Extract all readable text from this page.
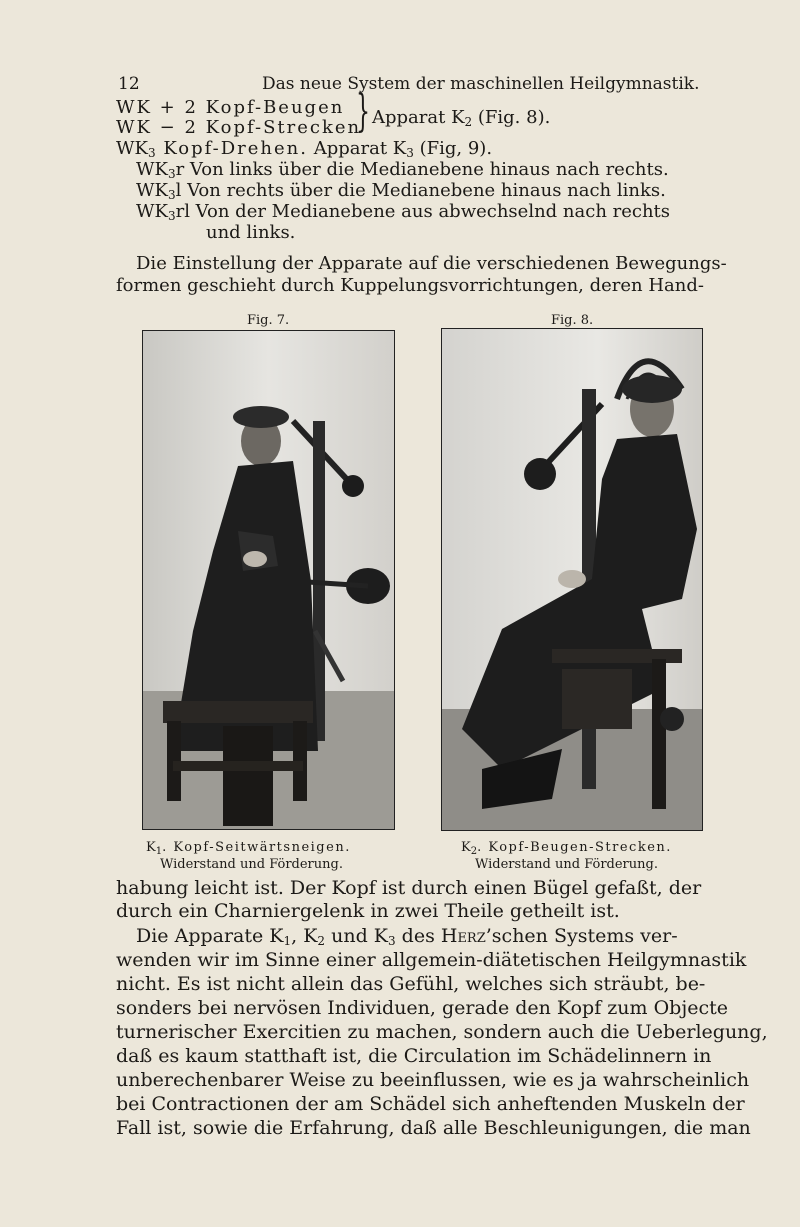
12	Das neue System der maschinellen Heilgymnastik.
WK + 2 Kopf-Beugen
WK − 2 Kopf-Strecken
} Apparat $K_2$ (Fig. 8).
$WK_3$ Kopf-Drehen. Apparat $K_3$ (Fig, 9).
$WK_3r$ Von links über die Medianebene hinaus nach rechts.
$WK_3l$ Von rechts über die Medianebene hinaus nach links.
$WK_3rl$ Von der Medianebene aus abwechselnd nach rechts
und links.
Die Einstellung der Apparate auf die verschiedenen Bewegungs-
formen geschieht durch Kuppelungsvorrichtungen, deren Hand-
Fig. 7.	Fig. 8.
$K_1$. Kopf-Seitwärtsneigen.
Widerstand und Förderung.
$K_2$. Kopf-Beugen-Strecken.
Widerstand und Förderung.
habung leicht ist. Der Kopf ist durch einen Bügel gefaßt, der
durch ein Charniergelenk in zwei Theile getheilt ist.
Die Apparate $K_1$, $K_2$ und $K_3$ des Herz’schen Systems ver-
wenden wir im Sinne einer allgemein-diätetischen Heilgymnastik
nicht. Es ist nicht allein das Gefühl, welches sich sträubt, be-
sonders bei nervösen Individuen, gerade den Kopf zum Objecte
turnerischer Exercitien zu machen, sondern auch die Ueberlegung,
daß es kaum statthaft ist, die Circulation im Schädelinnern in
unberechenbarer Weise zu beeinflussen, wie es ja wahrscheinlich
bei Contractionen der am Schädel sich anheftenden Muskeln der
Fall ist, sowie die Erfahrung, daß alle Beschleunigungen, die man
